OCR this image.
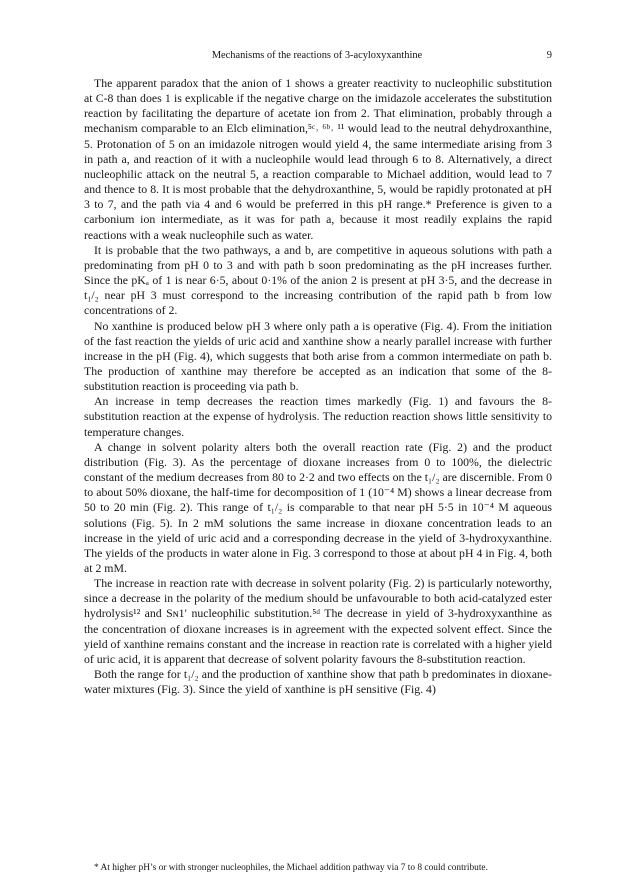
Mechanisms of the reactions of 3-acyloxyxanthine	9

The apparent paradox that the anion of 1 shows a greater reactivity to nucleophilic substitution at C-8 than does 1 is explicable if the negative charge on the imidazole accelerates the substitution reaction by facilitating the departure of acetate ion from 2. That elimination, probably through a mechanism comparable to an Elcb elimination,⁵ᶜ˒ ⁶ᵇ˒ ¹¹ would lead to the neutral dehydroxanthine, 5. Protonation of 5 on an imidazole nitrogen would yield 4, the same intermediate arising from 3 in path a, and reaction of it with a nucleophile would lead through 6 to 8. Alternatively, a direct nucleophilic attack on the neutral 5, a reaction comparable to Michael addition, would lead to 7 and thence to 8. It is most probable that the dehydroxanthine, 5, would be rapidly protonated at pH 3 to 7, and the path via 4 and 6 would be preferred in this pH range.* Preference is given to a carbonium ion intermediate, as it was for path a, because it most readily explains the rapid reactions with a weak nucleophile such as water.

It is probable that the two pathways, a and b, are competitive in aqueous solutions with path a predominating from pH 0 to 3 and with path b soon predominating as the pH increases further. Since the pKₐ of 1 is near 6·5, about 0·1% of the anion 2 is present at pH 3·5, and the decrease in t₁/₂ near pH 3 must correspond to the increasing contribution of the rapid path b from low concentrations of 2.

No xanthine is produced below pH 3 where only path a is operative (Fig. 4). From the initiation of the fast reaction the yields of uric acid and xanthine show a nearly parallel increase with further increase in the pH (Fig. 4), which suggests that both arise from a common intermediate on path b. The production of xanthine may therefore be accepted as an indication that some of the 8-substitution reaction is proceeding via path b.

An increase in temp decreases the reaction times markedly (Fig. 1) and favours the 8-substitution reaction at the expense of hydrolysis. The reduction reaction shows little sensitivity to temperature changes.

A change in solvent polarity alters both the overall reaction rate (Fig. 2) and the product distribution (Fig. 3). As the percentage of dioxane increases from 0 to 100%, the dielectric constant of the medium decreases from 80 to 2·2 and two effects on the t₁/₂ are discernible. From 0 to about 50% dioxane, the half-time for decomposition of 1 (10⁻⁴ M) shows a linear decrease from 50 to 20 min (Fig. 2). This range of t₁/₂ is comparable to that near pH 5·5 in 10⁻⁴ M aqueous solutions (Fig. 5). In 2 mM solutions the same increase in dioxane concentration leads to an increase in the yield of uric acid and a corresponding decrease in the yield of 3-hydroxyxanthine. The yields of the products in water alone in Fig. 3 correspond to those at about pH 4 in Fig. 4, both at 2 mM.

The increase in reaction rate with decrease in solvent polarity (Fig. 2) is particularly noteworthy, since a decrease in the polarity of the medium should be unfavourable to both acid-catalyzed ester hydrolysis¹² and Sɴ1′ nucleophilic substitution.⁵ᵈ The decrease in yield of 3-hydroxyxanthine as the concentration of dioxane increases is in agreement with the expected solvent effect. Since the yield of xanthine remains constant and the increase in reaction rate is correlated with a higher yield of uric acid, it is apparent that decrease of solvent polarity favours the 8-substitution reaction.

Both the range for t₁/₂ and the production of xanthine show that path b predominates in dioxane-water mixtures (Fig. 3). Since the yield of xanthine is pH sensitive (Fig. 4)

* At higher pH’s or with stronger nucleophiles, the Michael addition pathway via 7 to 8 could contribute.
